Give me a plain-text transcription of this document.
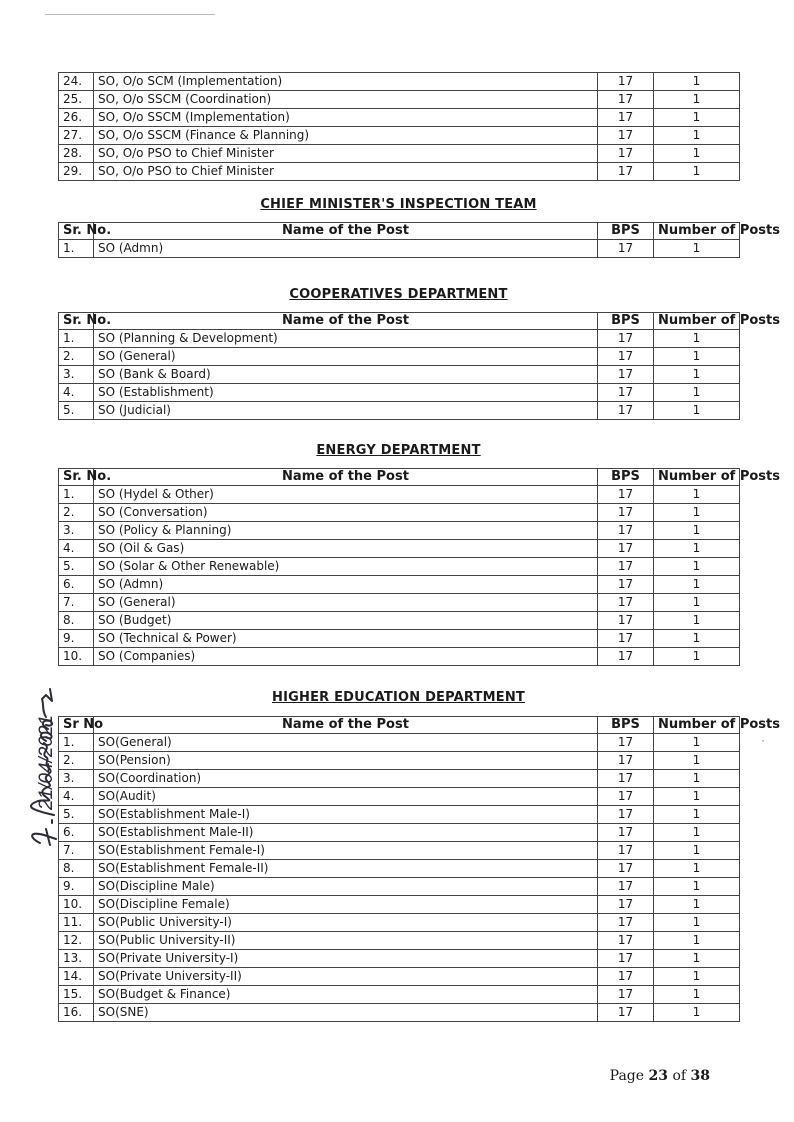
24.	SO, O/o SCM (Implementation)	17	1
25.	SO, O/o SSCM (Coordination)	17	1
26.	SO, O/o SSCM (Implementation)	17	1
27.	SO, O/o SSCM (Finance & Planning)	17	1
28.	SO, O/o PSO to Chief Minister	17	1
29.	SO, O/o PSO to Chief Minister	17	1
CHIEF MINISTER'S INSPECTION TEAM
Sr. No.	Name of the Post	BPS	Number of Posts
1.	SO (Admn)	17	1
COOPERATIVES DEPARTMENT
Sr. No.	Name of the Post	BPS	Number of Posts
1.	SO (Planning & Development)	17	1
2.	SO (General)	17	1
3.	SO (Bank & Board)	17	1
4.	SO (Establishment)	17	1
5.	SO (Judicial)	17	1
ENERGY DEPARTMENT
Sr. No.	Name of the Post	BPS	Number of Posts
1.	SO (Hydel & Other)	17	1
2.	SO (Conversation)	17	1
3.	SO (Policy & Planning)	17	1
4.	SO (Oil & Gas)	17	1
5.	SO (Solar & Other Renewable)	17	1
6.	SO (Admn)	17	1
7.	SO (General)	17	1
8.	SO (Budget)	17	1
9.	SO (Technical & Power)	17	1
10.	SO (Companies)	17	1
HIGHER EDUCATION DEPARTMENT
Sr No	Name of the Post	BPS	Number of Posts
1.	SO(General)	17	1
2.	SO(Pension)	17	1
3.	SO(Coordination)	17	1
4.	SO(Audit)	17	1
5.	SO(Establishment Male-I)	17	1
6.	SO(Establishment Male-II)	17	1
7.	SO(Establishment Female-I)	17	1
8.	SO(Establishment Female-II)	17	1
9.	SO(Discipline Male)	17	1
10.	SO(Discipline Female)	17	1
11.	SO(Public University-I)	17	1
12.	SO(Public University-II)	17	1
13.	SO(Private University-I)	17	1
14.	SO(Private University-II)	17	1
15.	SO(Budget & Finance)	17	1
16.	SO(SNE)	17	1
21/04/2021
Page 23 of 38
